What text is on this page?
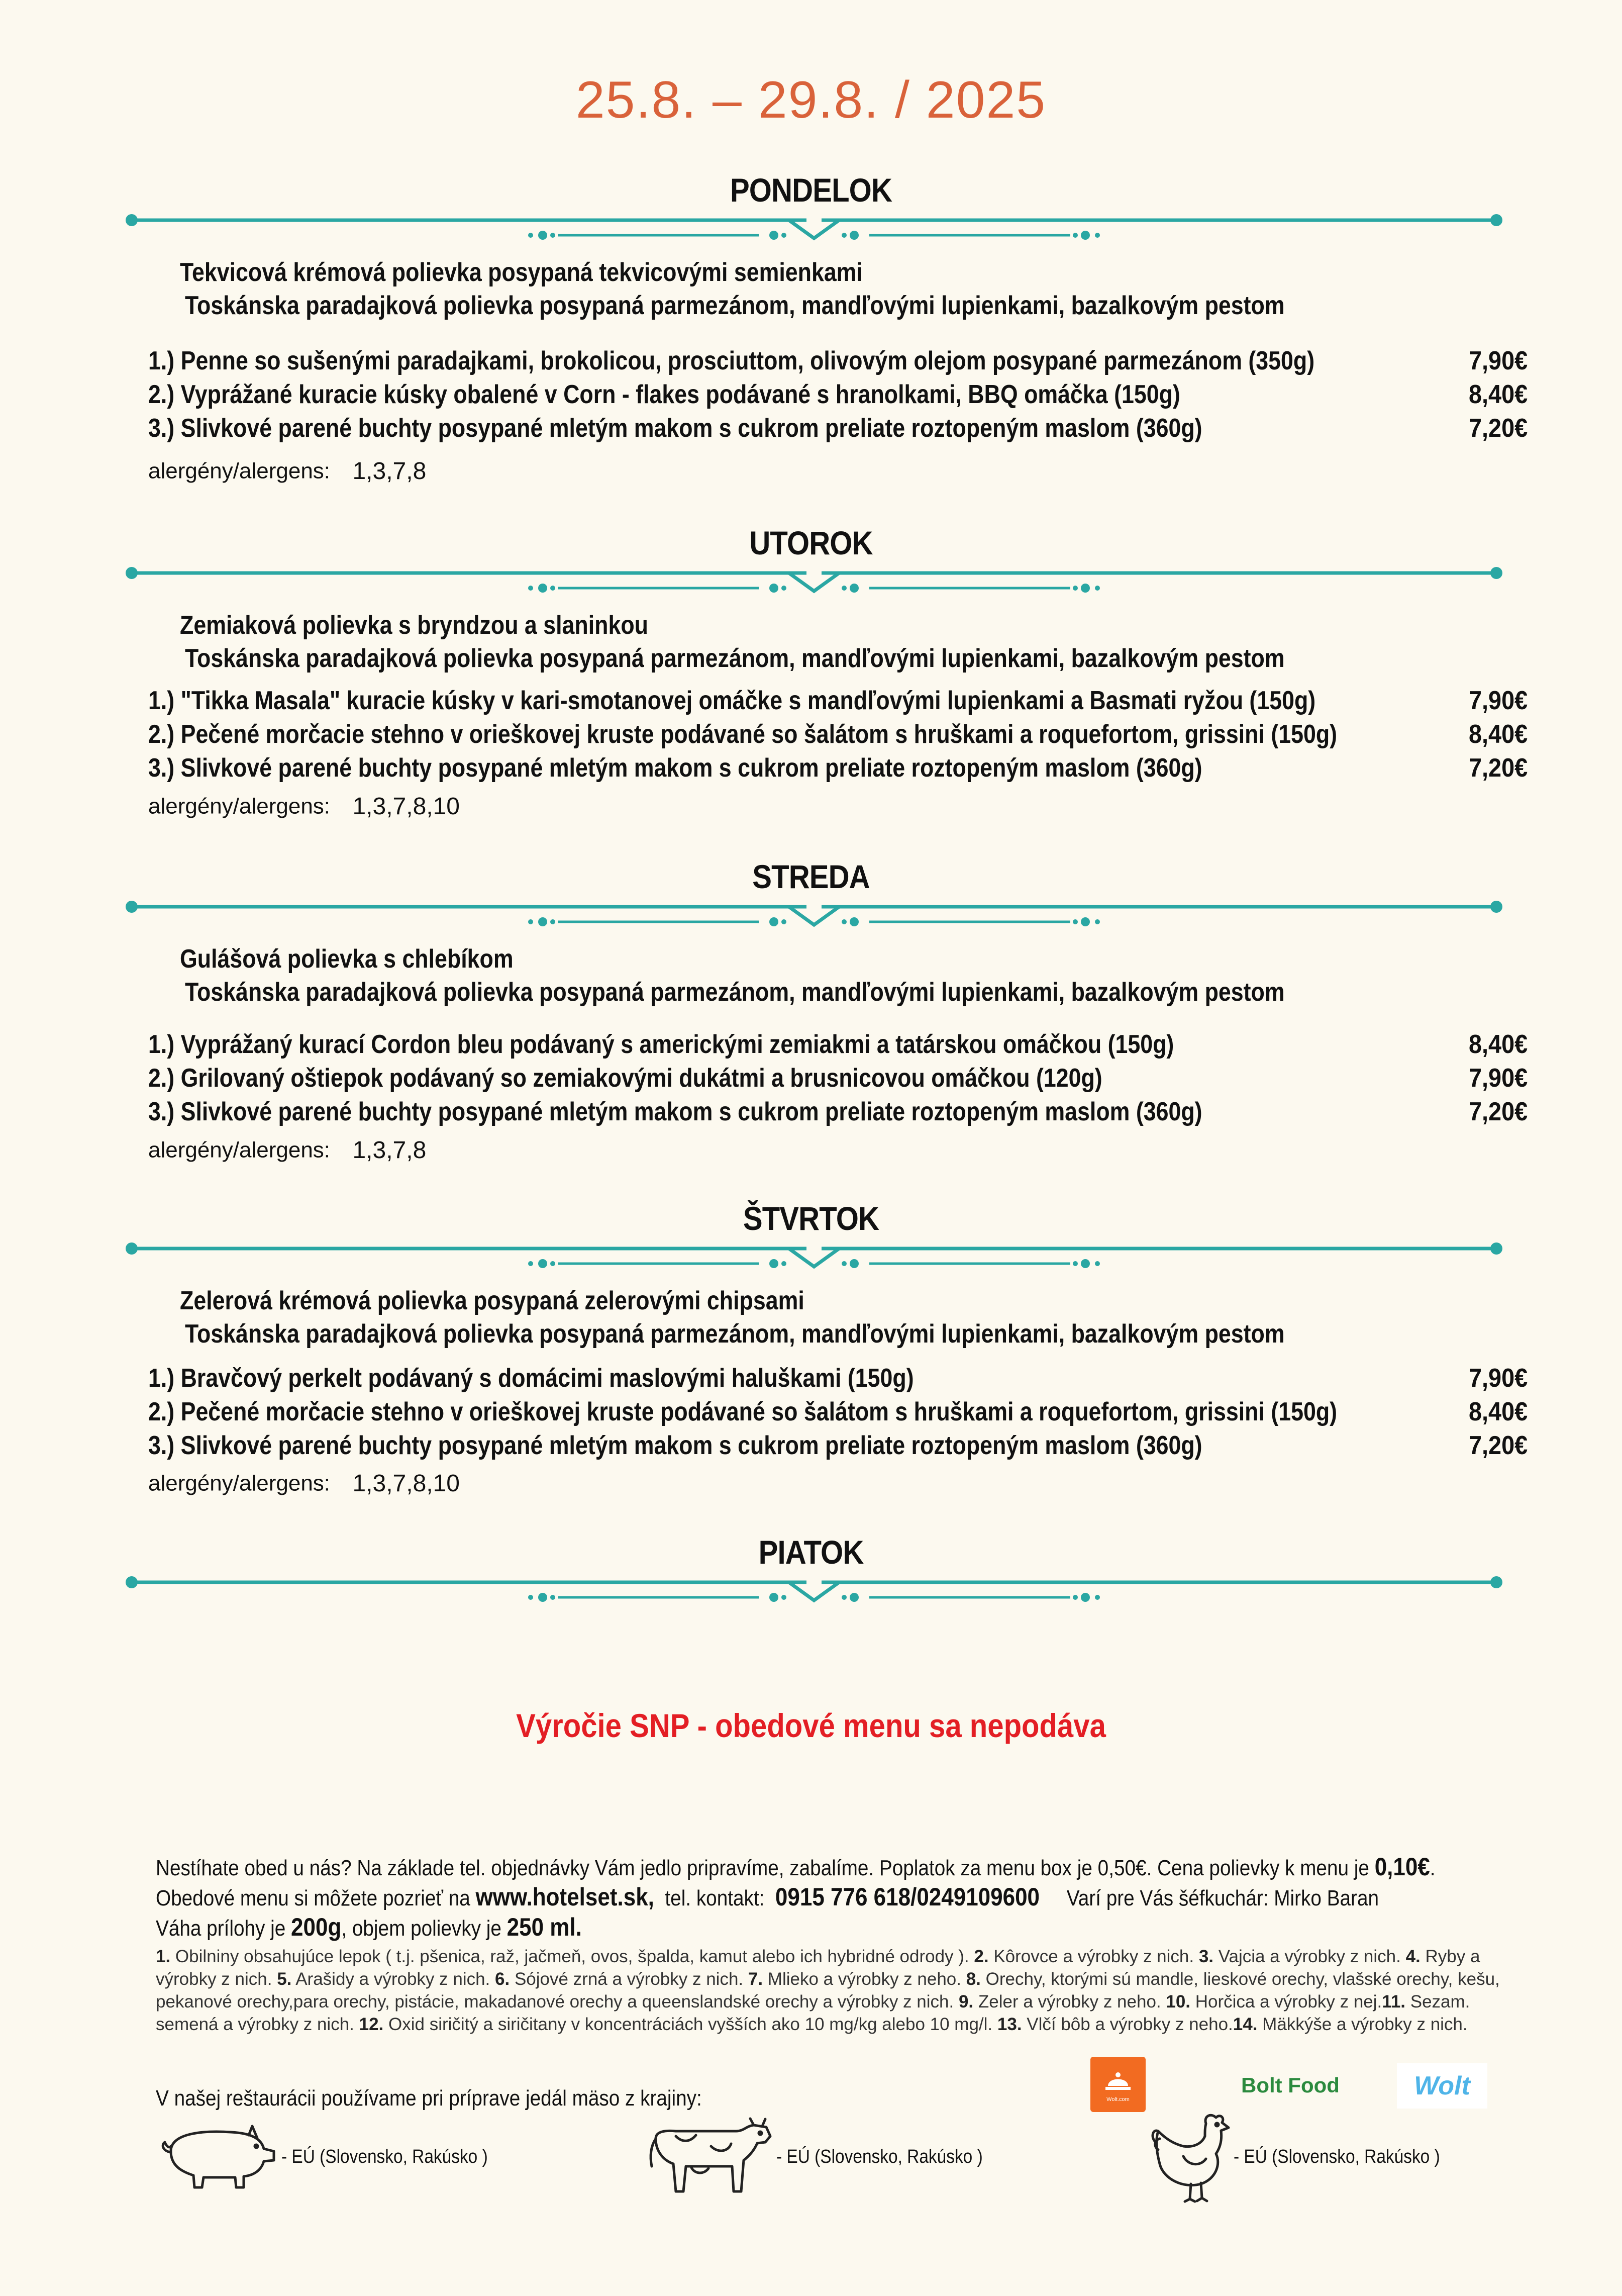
25.8. – 29.8. / 2025
PONDELOK
Tekvicová krémová polievka posypaná tekvicovými semienkami
Toskánska paradajková polievka posypaná parmezánom, mandľovými lupienkami, bazalkovým pestom
1.) Penne so sušenými paradajkami, brokolicou, prosciuttom, olivovým olejom posypané parmezánom (350g)	7,90€
2.) Vyprážané kuracie kúsky obalené v Corn - flakes podávané s hranolkami, BBQ omáčka (150g)	8,40€
3.) Slivkové parené buchty posypané mletým makom s cukrom preliate roztopeným maslom (360g)	7,20€
alergény/alergens: 1,3,7,8
UTOROK
Zemiaková polievka s bryndzou a slaninkou
Toskánska paradajková polievka posypaná parmezánom, mandľovými lupienkami, bazalkovým pestom
1.) "Tikka Masala" kuracie kúsky v kari-smotanovej omáčke s mandľovými lupienkami a Basmati ryžou (150g)	7,90€
2.) Pečené morčacie stehno v orieškovej kruste podávané so šalátom s hruškami a roquefortom, grissini (150g)	8,40€
3.) Slivkové parené buchty posypané mletým makom s cukrom preliate roztopeným maslom (360g)	7,20€
alergény/alergens: 1,3,7,8,10
STREDA
Gulášová polievka s chlebíkom
Toskánska paradajková polievka posypaná parmezánom, mandľovými lupienkami, bazalkovým pestom
1.) Vyprážaný kurací Cordon bleu podávaný s americkými zemiakmi a tatárskou omáčkou (150g)	8,40€
2.) Grilovaný oštiepok podávaný so zemiakovými dukátmi a brusnicovou omáčkou (120g)	7,90€
3.) Slivkové parené buchty posypané mletým makom s cukrom preliate roztopeným maslom (360g)	7,20€
alergény/alergens: 1,3,7,8
ŠTVRTOK
Zelerová krémová polievka posypaná zelerovými chipsami
Toskánska paradajková polievka posypaná parmezánom, mandľovými lupienkami, bazalkovým pestom
1.) Bravčový perkelt podávaný s domácimi maslovými haluškami (150g)	7,90€
2.) Pečené morčacie stehno v orieškovej kruste podávané so šalátom s hruškami a roquefortom, grissini (150g)	8,40€
3.) Slivkové parené buchty posypané mletým makom s cukrom preliate roztopeným maslom (360g)	7,20€
alergény/alergens: 1,3,7,8,10
PIATOK
Výročie SNP - obedové menu sa nepodáva
Nestíhate obed u nás? Na základe tel. objednávky Vám jedlo pripravíme, zabalíme. Poplatok za menu box je 0,50€. Cena polievky k menu je 0,10€.
Obedové menu si môžete pozrieť na www.hotelset.sk,  tel. kontakt:  0915 776 618/0249109600     Varí pre Vás šéfkuchár: Mirko Baran
Váha prílohy je 200g, objem polievky je 250 ml.
1. Obilniny obsahujúce lepok ( t.j. pšenica, raž, jačmeň, ovos, špalda, kamut alebo ich hybridné odrody ). 2. Kôrovce a výrobky z nich. 3. Vajcia a výrobky z nich. 4. Ryby a výrobky z nich. 5. Arašidy a výrobky z nich. 6. Sójové zrná a výrobky z nich. 7. Mlieko a výrobky z neho. 8. Orechy, ktorými sú mandle, lieskové orechy, vlašské orechy, kešu, pekanové orechy,para orechy, pistácie, makadanové orechy a queenslandské orechy a výrobky z nich. 9. Zeler a výrobky z neho. 10. Horčica a výrobky z nej.11. Sezam. semená a výrobky z nich. 12. Oxid siričitý a siričitany v koncentráciách vyšších ako 10 mg/kg alebo 10 mg/l. 13. Vlčí bôb a výrobky z neho.14. Mäkkýše a výrobky z nich.
V našej reštaurácii používame pri príprave jedál mäso z krajiny:
- EÚ (Slovensko, Rakúsko )	- EÚ (Slovensko, Rakúsko )	- EÚ (Slovensko, Rakúsko )
Wolt.com
Bolt Food	Wolt
